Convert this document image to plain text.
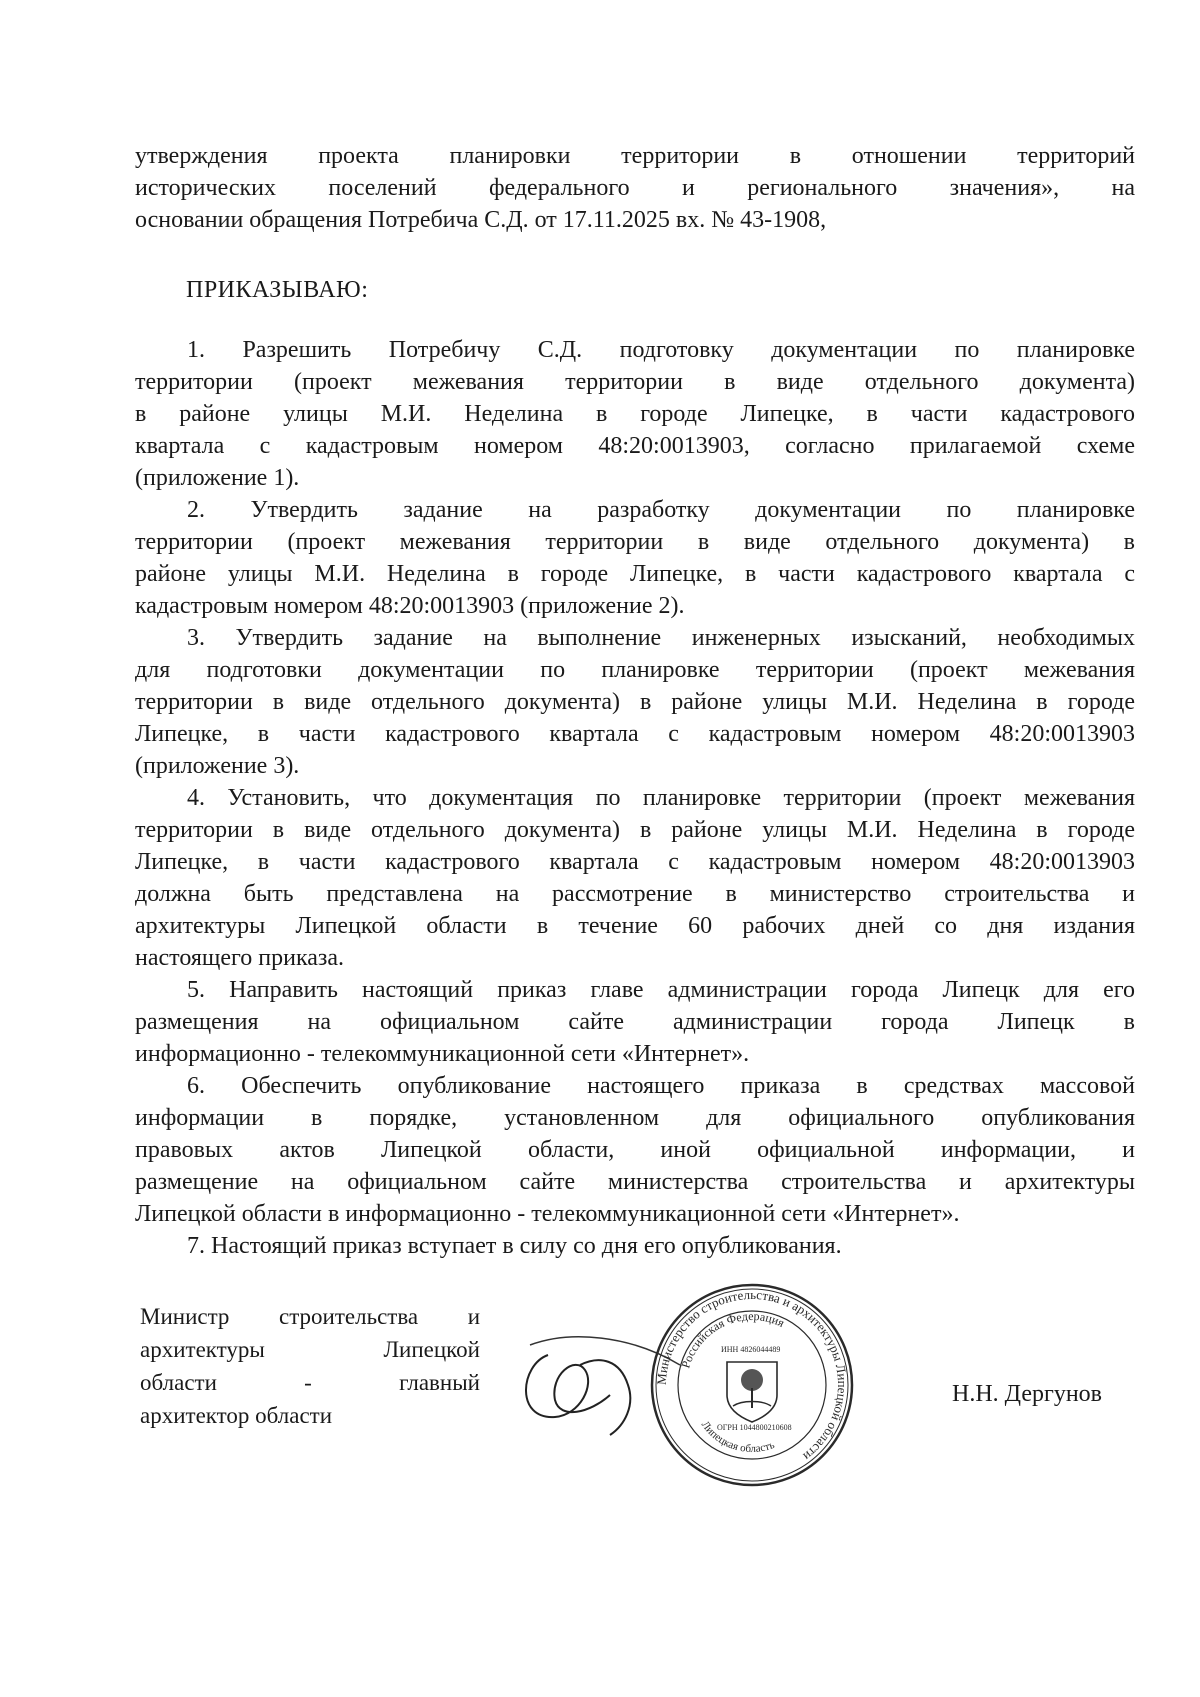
утверждения проекта планировки территории в отношении территорий
исторических поселений федерального и регионального значения», на
основании обращения Потребича С.Д. от 17.11.2025 вх. № 43-1908,
ПРИКАЗЫВАЮ:
1. Разрешить Потребичу С.Д. подготовку документации по планировке
территории (проект межевания территории в виде отдельного документа)
в районе улицы М.И. Неделина в городе Липецке, в части кадастрового
квартала с кадастровым номером 48:20:0013903, согласно прилагаемой схеме
(приложение 1).
2. Утвердить задание на разработку документации по планировке
территории (проект межевания территории в виде отдельного документа) в
районе улицы М.И. Неделина в городе Липецке, в части кадастрового квартала с
кадастровым номером 48:20:0013903 (приложение 2).
3. Утвердить задание на выполнение инженерных изысканий, необходимых
для подготовки документации по планировке территории (проект межевания
территории в виде отдельного документа) в районе улицы М.И. Неделина в городе
Липецке, в части кадастрового квартала с кадастровым номером 48:20:0013903
(приложение 3).
4. Установить, что документация по планировке территории (проект межевания
территории в виде отдельного документа) в районе улицы М.И. Неделина в городе
Липецке, в части кадастрового квартала с кадастровым номером 48:20:0013903
должна быть представлена на рассмотрение в министерство строительства и
архитектуры Липецкой области в течение 60 рабочих дней со дня издания
настоящего приказа.
5. Направить настоящий приказ главе администрации города Липецк для его
размещения на официальном сайте администрации города Липецк в
информационно - телекоммуникационной сети «Интернет».
6. Обеспечить опубликование настоящего приказа в средствах массовой
информации в порядке, установленном для официального опубликования
правовых актов Липецкой области, иной официальной информации, и
размещение на официальном сайте министерства строительства и архитектуры
Липецкой области в информационно - телекоммуникационной сети «Интернет».
7. Настоящий приказ вступает в силу со дня его опубликования.
Министр строительства и
архитектуры Липецкой
области - главный
архитектор области
Министерство строительства и архитектуры Липецкой области
Российская Федерация
Липецкая область
ИНН 4826044489
ОГРН 1044800210608
Н.Н. Дергунов
